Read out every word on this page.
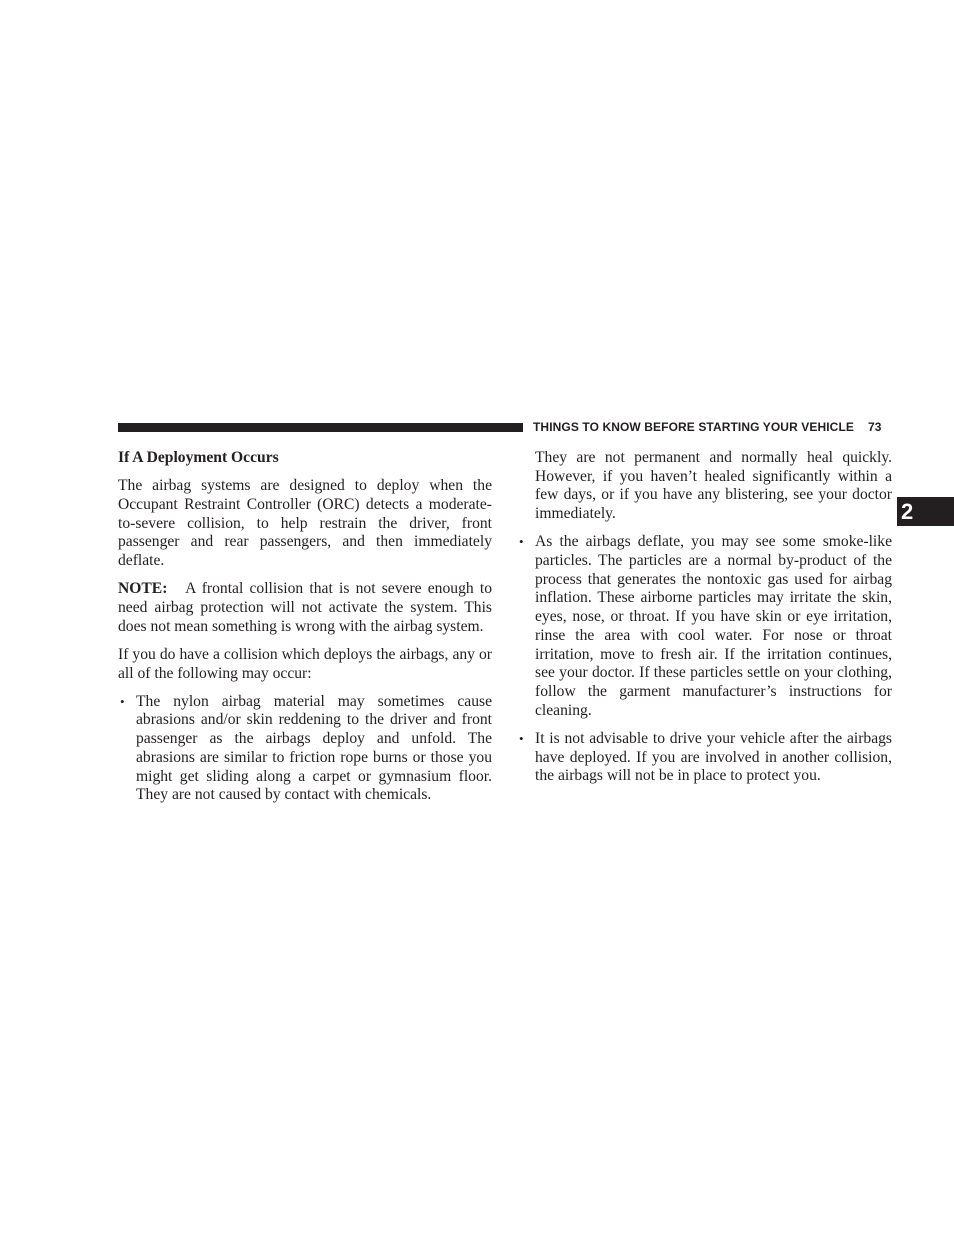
THINGS TO KNOW BEFORE STARTING YOUR VEHICLE 73
2

If A Deployment Occurs

The airbag systems are designed to deploy when the Occupant Restraint Controller (ORC) detects a moderate-to-severe collision, to help restrain the driver, front passenger and rear passengers, and then immediately deflate.

NOTE: A frontal collision that is not severe enough to need airbag protection will not activate the system. This does not mean something is wrong with the airbag system.

If you do have a collision which deploys the airbags, any or all of the following may occur:

• The nylon airbag material may sometimes cause abrasions and/or skin reddening to the driver and front passenger as the airbags deploy and unfold. The abrasions are similar to friction rope burns or those you might get sliding along a carpet or gymnasium floor. They are not caused by contact with chemicals.

They are not permanent and normally heal quickly. However, if you haven’t healed significantly within a few days, or if you have any blistering, see your doctor immediately.

• As the airbags deflate, you may see some smoke-like particles. The particles are a normal by-product of the process that generates the nontoxic gas used for airbag inflation. These airborne particles may irritate the skin, eyes, nose, or throat. If you have skin or eye irritation, rinse the area with cool water. For nose or throat irritation, move to fresh air. If the irritation continues, see your doctor. If these particles settle on your clothing, follow the garment manufacturer’s instructions for cleaning.
• It is not advisable to drive your vehicle after the airbags have deployed. If you are involved in another collision, the airbags will not be in place to protect you.
